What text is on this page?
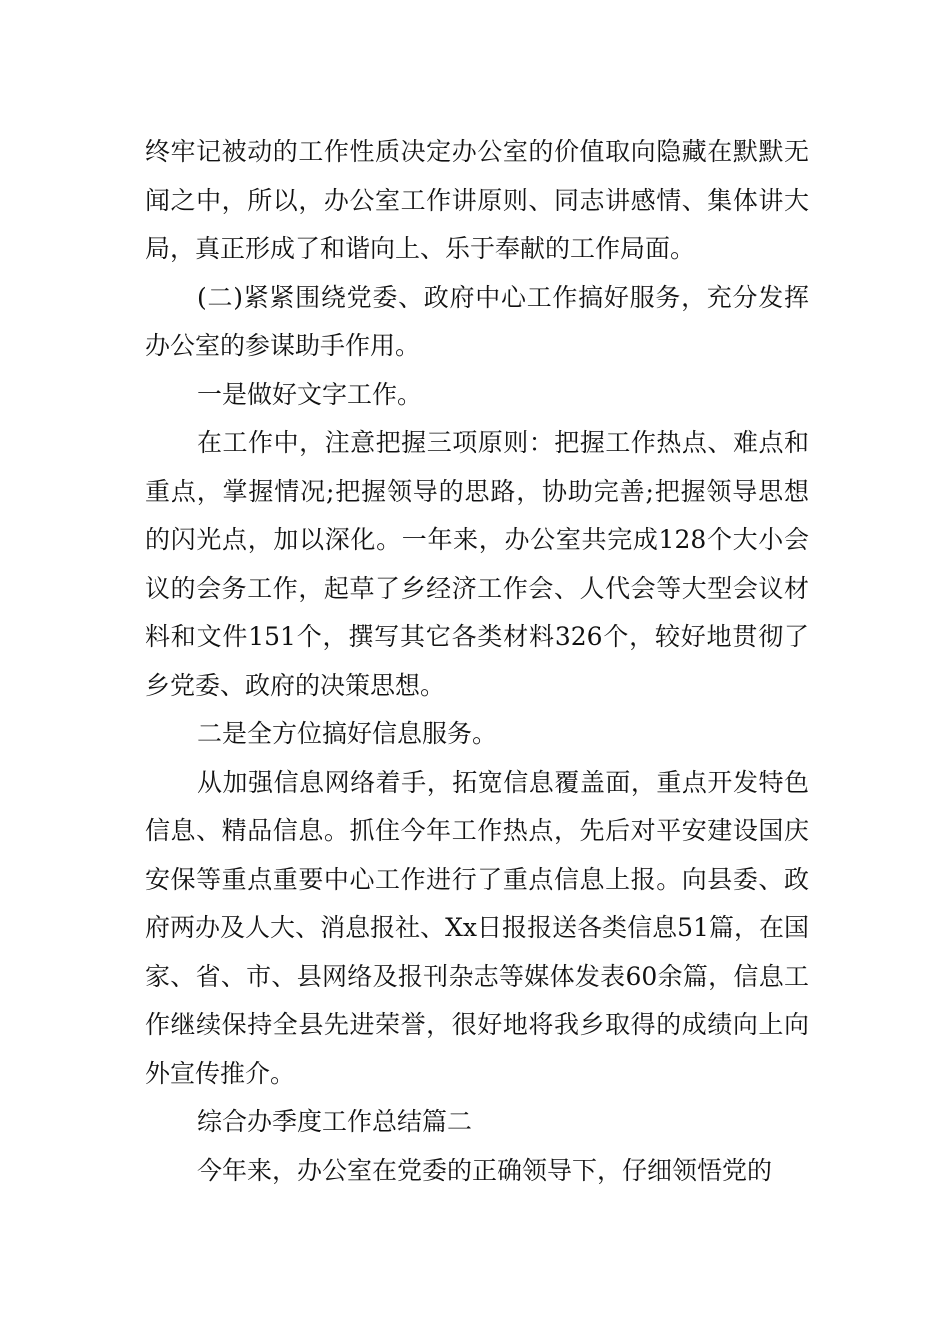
终牢记被动的工作性质决定办公室的价值取向隐藏在默默无闻之中，所以，办公室工作讲原则、同志讲感情、集体讲大局，真正形成了和谐向上、乐于奉献的工作局面。

(二)紧紧围绕党委、政府中心工作搞好服务，充分发挥办公室的参谋助手作用。

一是做好文字工作。

在工作中，注意把握三项原则：把握工作热点、难点和重点，掌握情况;把握领导的思路，协助完善;把握领导思想的闪光点，加以深化。一年来，办公室共完成128个大小会议的会务工作，起草了乡经济工作会、人代会等大型会议材料和文件151个，撰写其它各类材料326个，较好地贯彻了乡党委、政府的决策思想。

二是全方位搞好信息服务。

从加强信息网络着手，拓宽信息覆盖面，重点开发特色信息、精品信息。抓住今年工作热点，先后对平安建设国庆安保等重点重要中心工作进行了重点信息上报。向县委、政府两办及人大、消息报社、Xx日报报送各类信息51篇，在国家、省、市、县网络及报刊杂志等媒体发表60余篇，信息工作继续保持全县先进荣誉，很好地将我乡取得的成绩向上向外宣传推介。

综合办季度工作总结篇二

今年来，办公室在党委的正确领导下，仔细领悟党的
